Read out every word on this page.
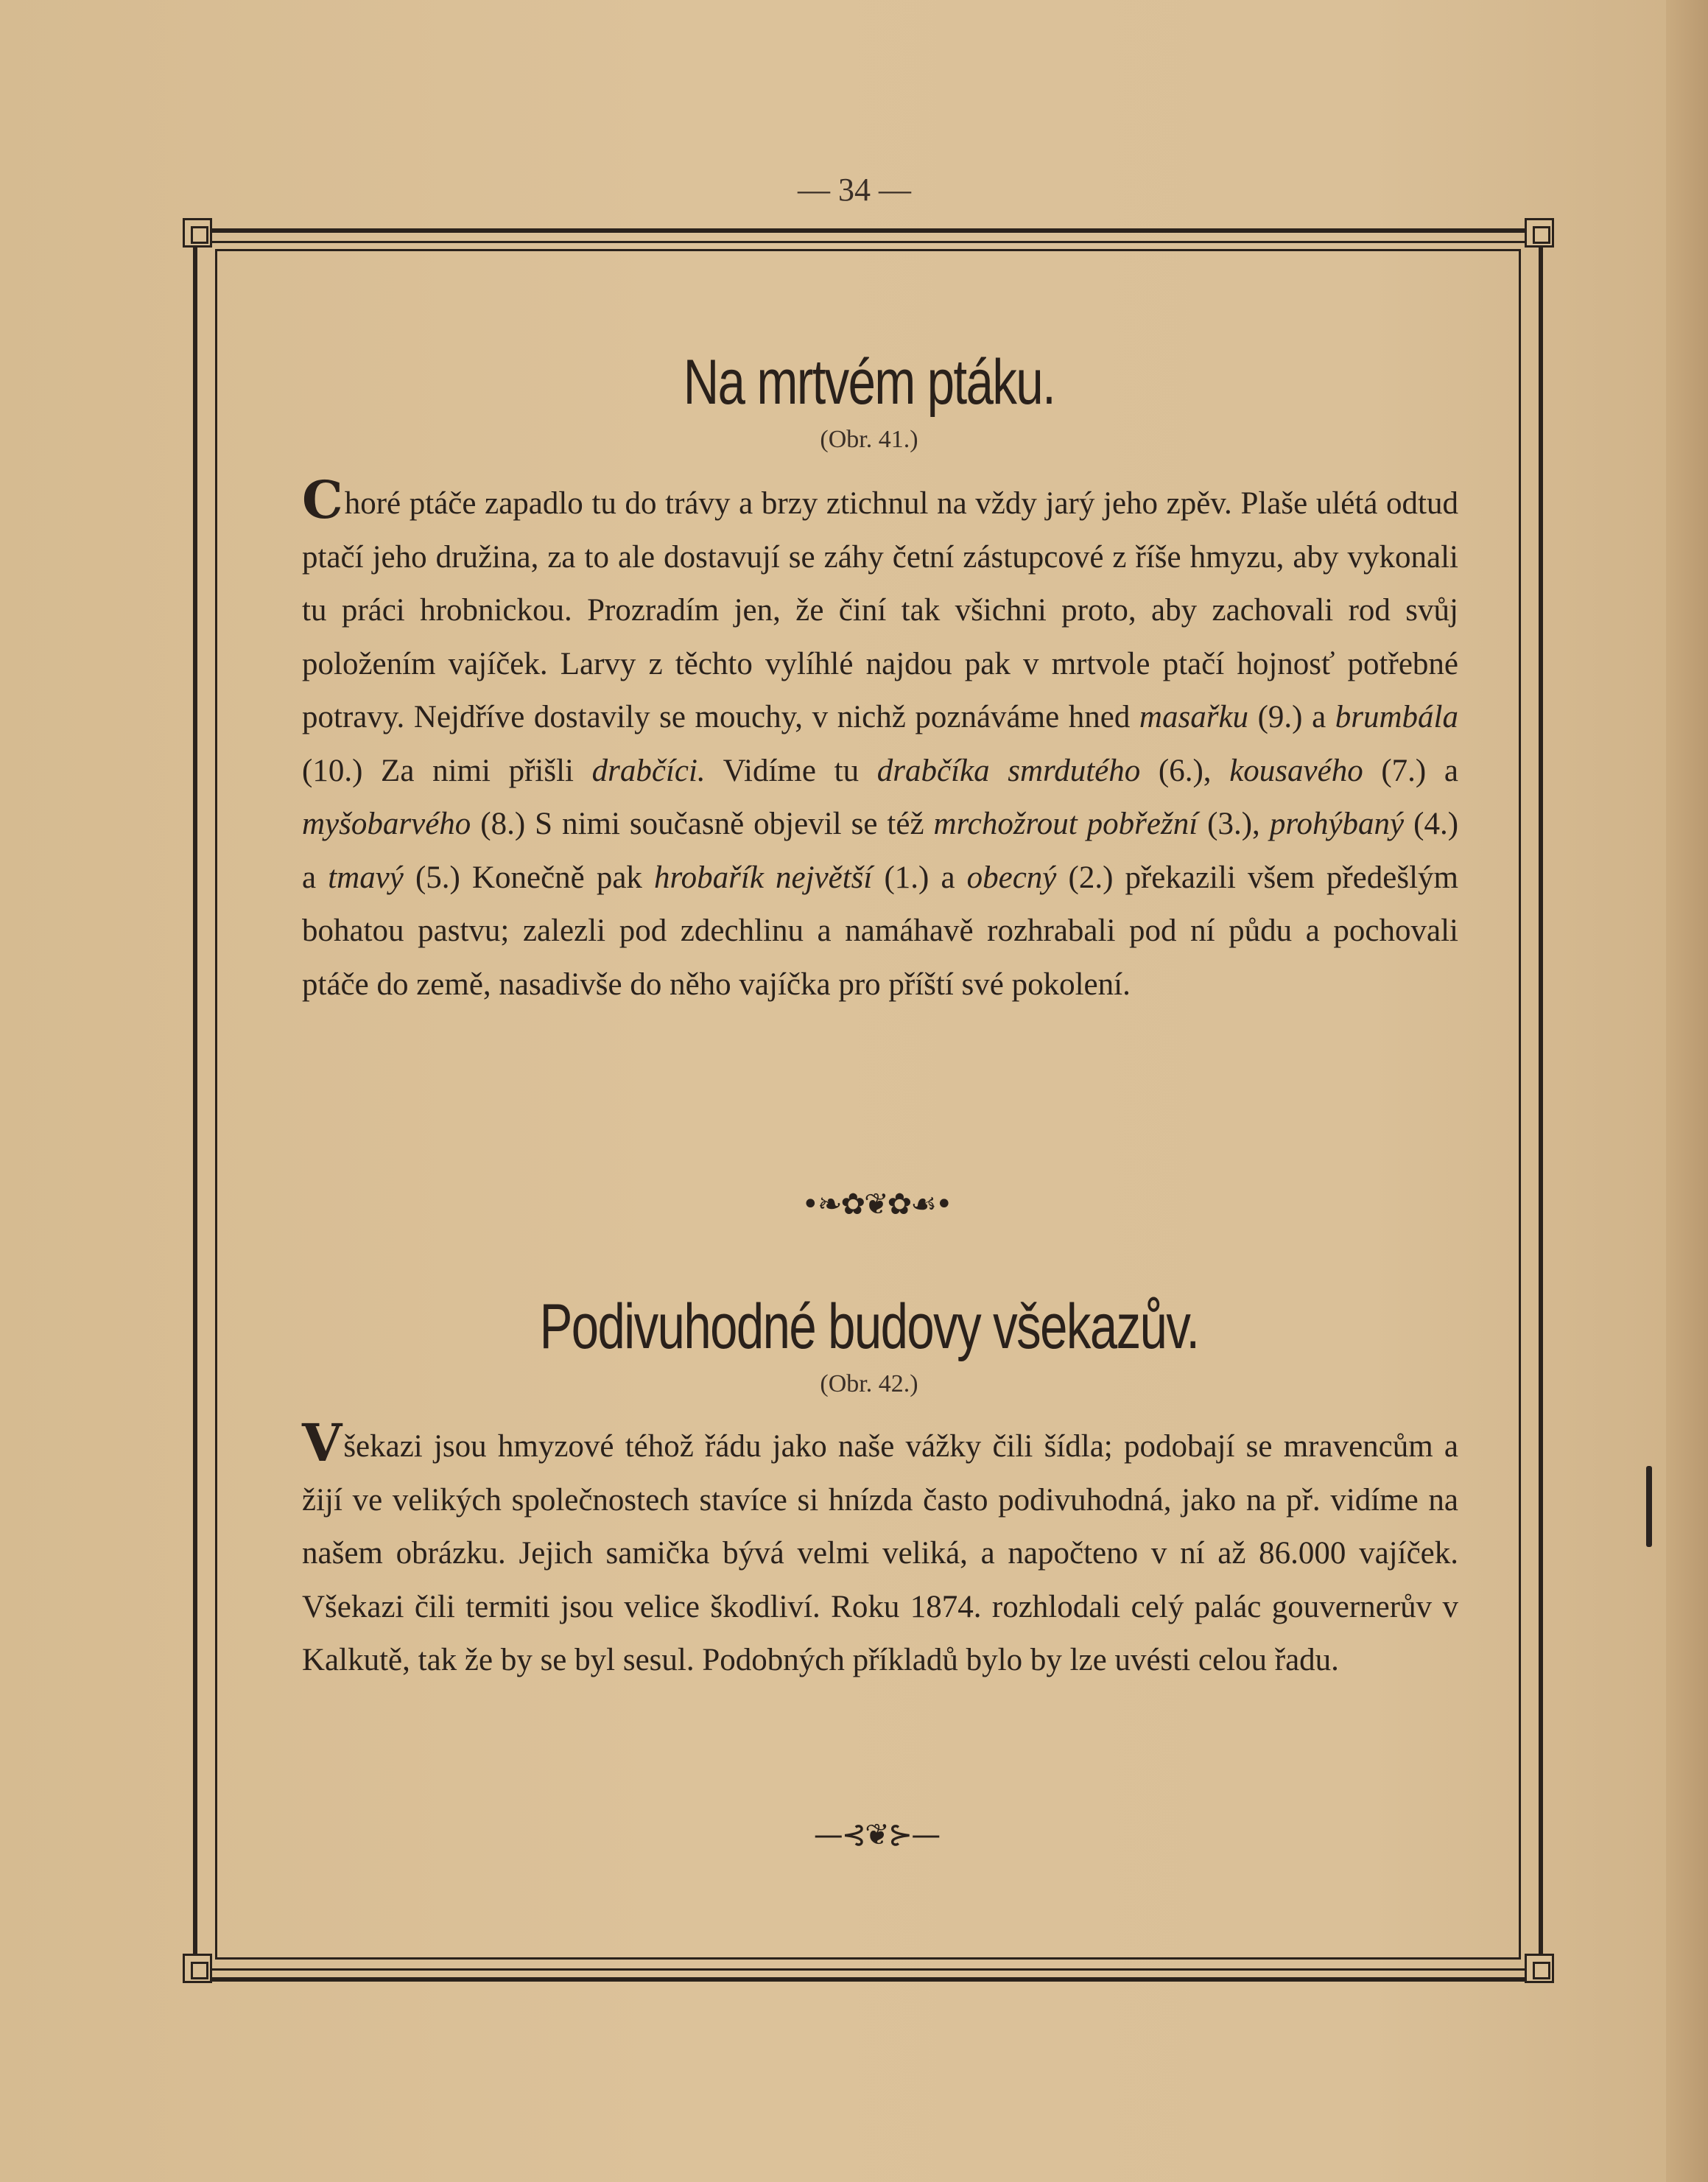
— 34 —
Na mrtvém ptáku.
(Obr. 41.)
Choré ptáče zapadlo tu do trávy a brzy ztichnul na vždy jarý jeho zpěv. Plaše ulétá odtud ptačí jeho družina, za to ale dostavují se záhy četní zástupcové z říše hmyzu, aby vykonali tu práci hrobnickou. Prozradím jen, že činí tak všichni proto, aby zachovali rod svůj položením vajíček. Larvy z těchto vylíhlé najdou pak v mrtvole ptačí hojnosť potřebné potravy. Nejdříve dostavily se mouchy, v nichž poznáváme hned masařku (9.) a brumbála (10.) Za nimi přišli drabčíci. Vidíme tu drabčíka smrdutého (6.), kousavého (7.) a myšobarvého (8.) S nimi současně objevil se též mrchožrout pobřežní (3.), prohýbaný (4.) a tmavý (5.) Konečně pak hrobařík největší (1.) a obecný (2.) překazili všem předešlým bohatou pastvu; zalezli pod zdechlinu a namáhavě rozhrabali pod ní půdu a pochovali ptáče do země, nasadivše do něho vajíčka pro příští své pokolení.
•❧✿❦✿☙•
Podivuhodné budovy všekazův.
(Obr. 42.)
Všekazi jsou hmyzové téhož řádu jako naše vážky čili šídla; podobají se mravencům a žijí ve velikých společnostech stavíce si hnízda často podivuhodná, jako na př. vidíme na našem obrázku. Jejich samička bývá velmi veliká, a napočteno v ní až 86.000 vajíček. Všekazi čili termiti jsou velice škodliví. Roku 1874. rozhlodali celý palác gouvernerův v Kalkutě, tak že by se byl sesul. Podobných příkladů bylo by lze uvésti celou řadu.
—⊰❦⊱—
